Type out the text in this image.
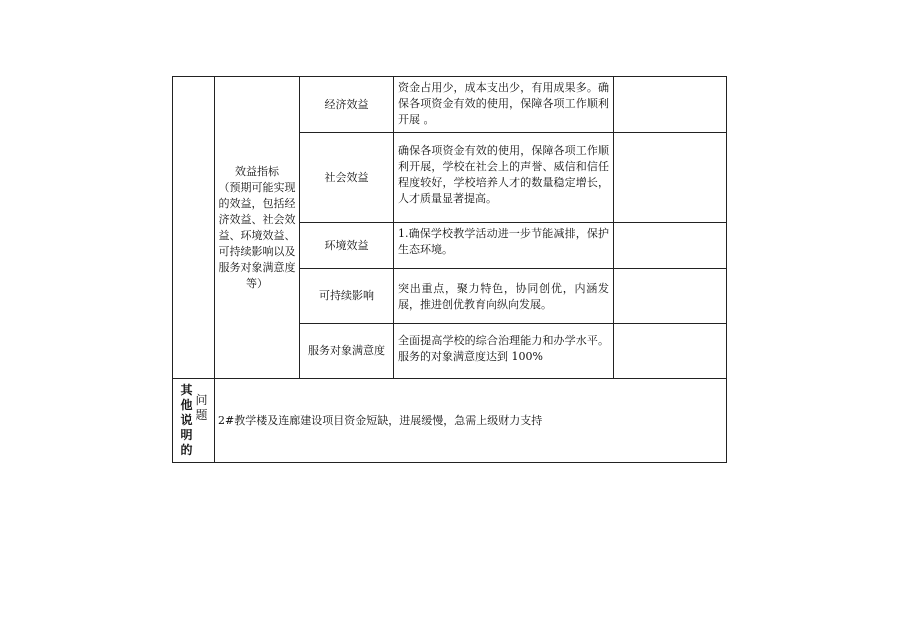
效益指标
（预期可能实现的效益，包括经济效益、社会效益、环境效益、可持续影响以及服务对象满意度等）
经济效益
资金占用少，成本支出少，有用成果多。确保各项资金有效的使用，保障各项工作顺利开展 。
社会效益
确保各项资金有效的使用，保障各项工作顺利开展，学校在社会上的声誉、威信和信任程度较好，学校培养人才的数量稳定增长，人才质量显著提高。
环境效益
1.确保学校教学活动进一步节能减排，保护生态环境。
可持续影响
突出重点，聚力特色，协同创优，内涵发展，推进创优教育向纵向发展。
服务对象满意度
全面提高学校的综合治理能力和办学水平。服务的对象满意度达到 100%
其他说明的
问题 2#教学楼及连廊建设项目资金短缺，进展缓慢，急需上级财力支持
